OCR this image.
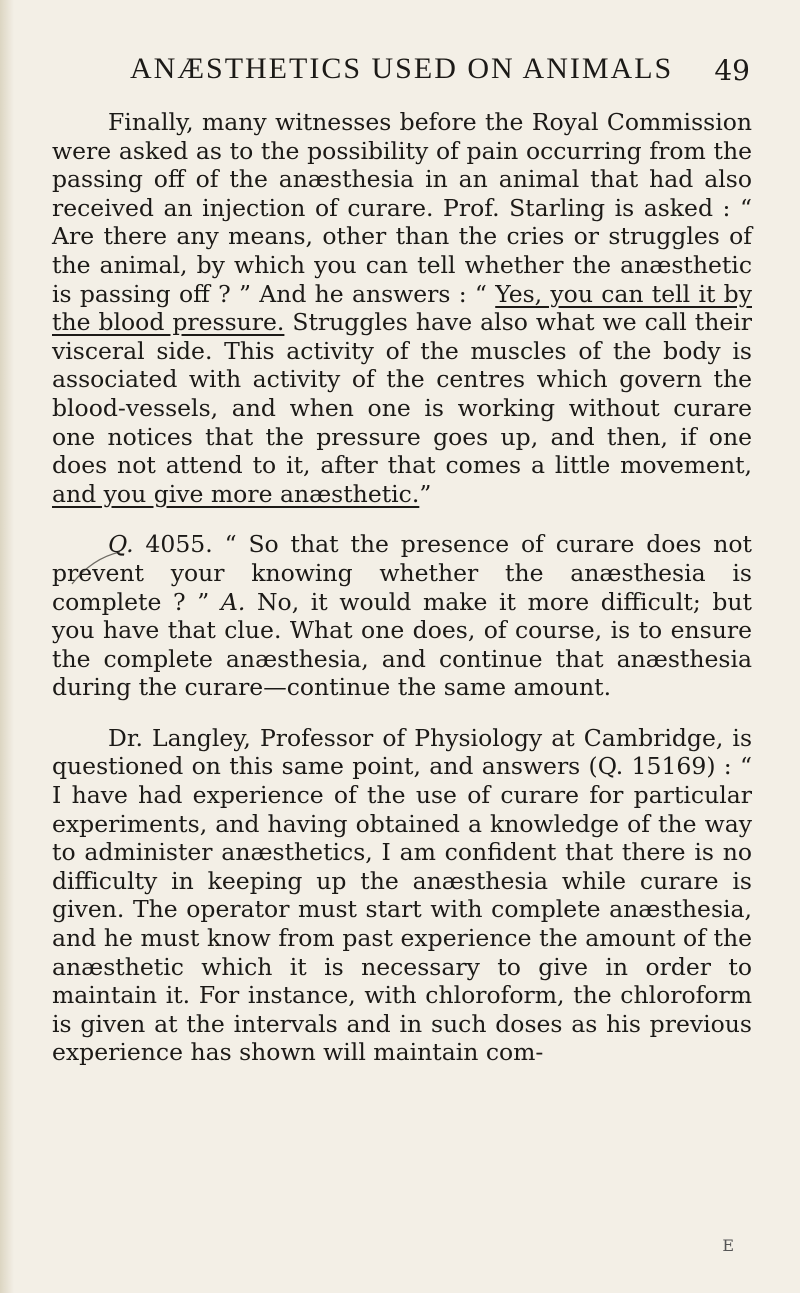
ANÆSTHETICS USED ON ANIMALS 49

Finally, many witnesses before the Royal Commission were asked as to the possibility of pain occurring from the passing off of the anæsthesia in an animal that had also received an injection of curare. Prof. Starling is asked : “ Are there any means, other than the cries or struggles of the animal, by which you can tell whether the anæsthetic is passing off ? ” And he answers : “ Yes, you can tell it by the blood pressure. Struggles have also what we call their visceral side. This activity of the muscles of the body is associated with activity of the centres which govern the blood-vessels, and when one is working without curare one notices that the pressure goes up, and then, if one does not attend to it, after that comes a little movement, and you give more anæsthetic.”

Q. 4055. “ So that the presence of curare does not prevent your knowing whether the anæsthesia is complete ? ” A. No, it would make it more difficult; but you have that clue. What one does, of course, is to ensure the complete anæsthesia, and continue that anæsthesia during the curare—continue the same amount.

Dr. Langley, Professor of Physiology at Cambridge, is questioned on this same point, and answers (Q. 15169) : “ I have had experience of the use of curare for particular experiments, and having obtained a knowledge of the way to administer anæsthetics, I am confident that there is no difficulty in keeping up the anæsthesia while curare is given. The operator must start with complete anæsthesia, and he must know from past experience the amount of the anæsthetic which it is necessary to give in order to maintain it. For instance, with chloroform, the chloroform is given at the intervals and in such doses as his previous experience has shown will maintain com-

E
